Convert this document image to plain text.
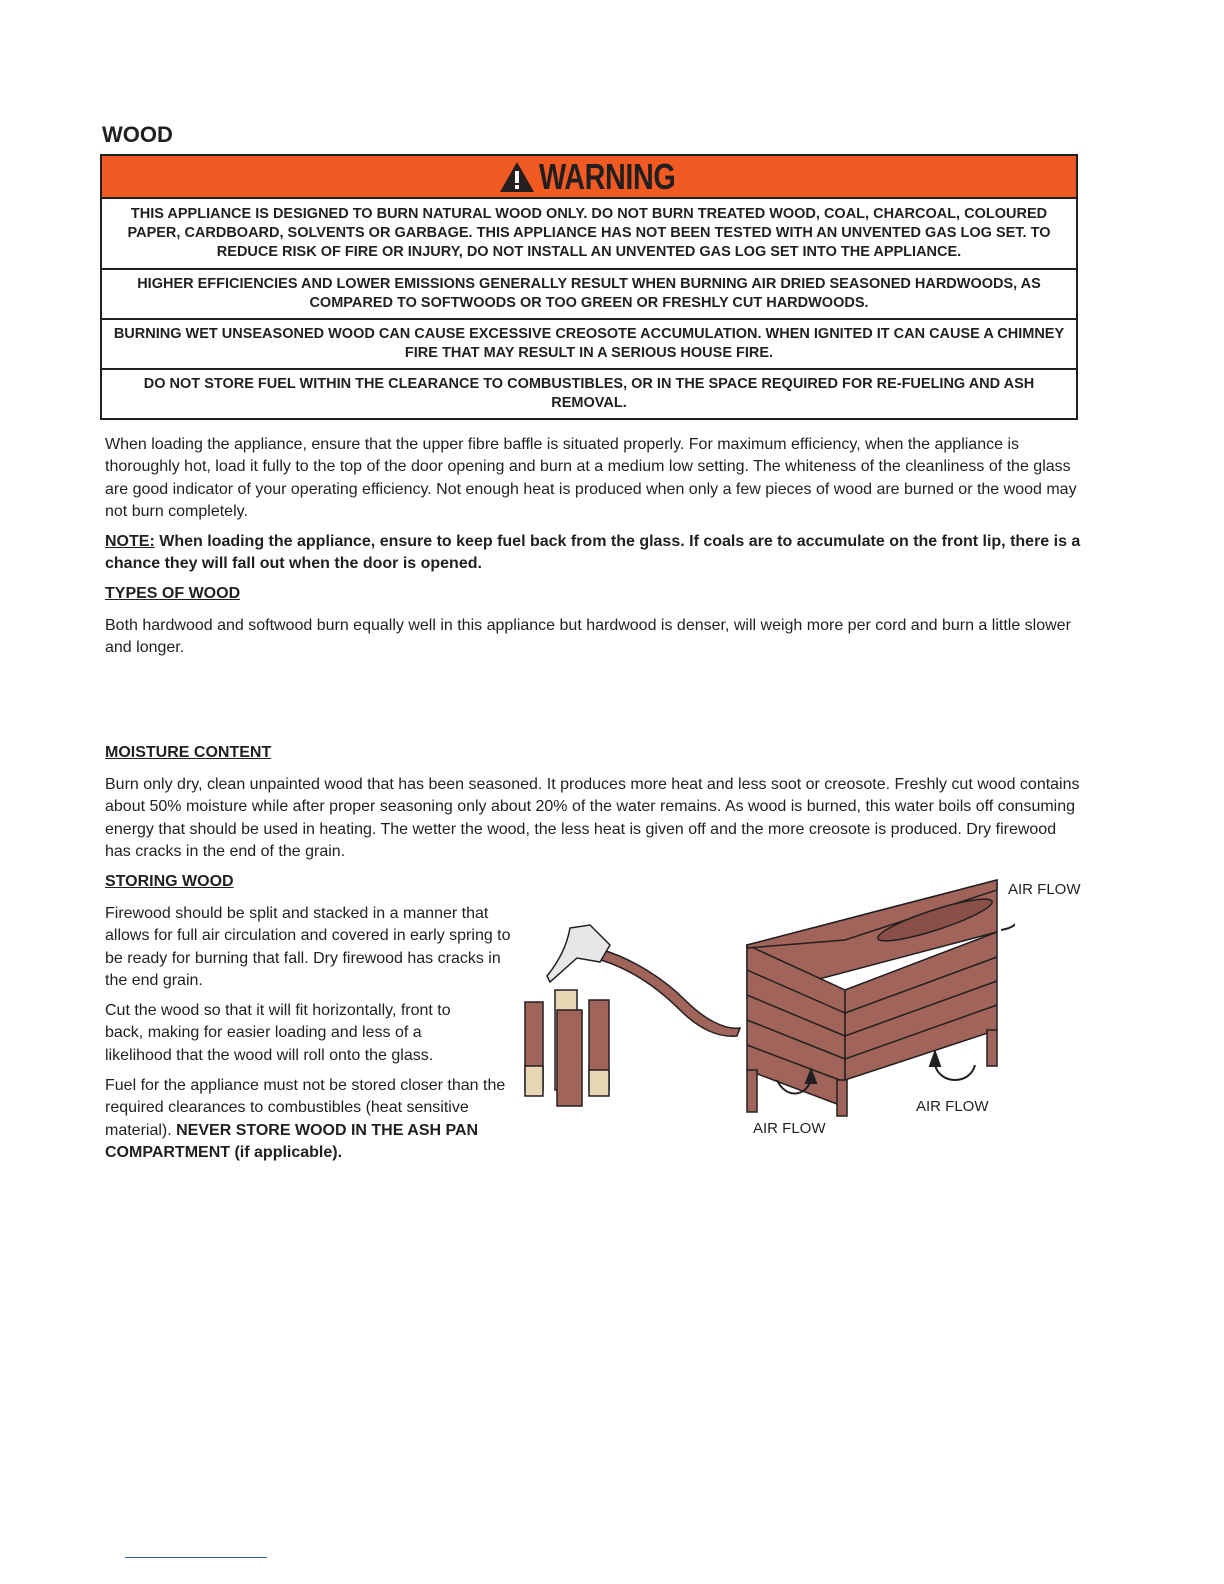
WOOD
WARNING
THIS APPLIANCE IS DESIGNED TO BURN NATURAL WOOD ONLY. DO NOT BURN TREATED WOOD, COAL, CHARCOAL, COLOURED PAPER, CARDBOARD, SOLVENTS OR GARBAGE. THIS APPLIANCE HAS NOT BEEN TESTED WITH AN UNVENTED GAS LOG SET. TO REDUCE RISK OF FIRE OR INJURY, DO NOT INSTALL AN UNVENTED GAS LOG SET INTO THE APPLIANCE.
HIGHER EFFICIENCIES AND LOWER EMISSIONS GENERALLY RESULT WHEN BURNING AIR DRIED SEASONED HARDWOODS, AS COMPARED TO SOFTWOODS OR TOO GREEN OR FRESHLY CUT HARDWOODS.
BURNING WET UNSEASONED WOOD CAN CAUSE EXCESSIVE CREOSOTE ACCUMULATION. WHEN IGNITED IT CAN CAUSE A CHIMNEY FIRE THAT MAY RESULT IN A SERIOUS HOUSE FIRE.
DO NOT STORE FUEL WITHIN THE CLEARANCE TO COMBUSTIBLES, OR IN THE SPACE REQUIRED FOR RE-FUELING AND ASH REMOVAL.

When loading the appliance, ensure that the upper fibre baffle is situated properly. For maximum efficiency, when the appliance is thoroughly hot, load it fully to the top of the door opening and burn at a medium low setting. The whiteness of the cleanliness of the glass are good indicator of your operating efficiency. Not enough heat is produced when only a few pieces of wood are burned or the wood may not burn completely.

NOTE: When loading the appliance, ensure to keep fuel back from the glass. If coals are to accumulate on the front lip, there is a chance they will fall out when the door is opened.

TYPES OF WOOD

Both hardwood and softwood burn equally well in this appliance but hardwood is denser, will weigh more per cord and burn a little slower and longer.

MOISTURE CONTENT

Burn only dry, clean unpainted wood that has been seasoned. It produces more heat and less soot or creosote. Freshly cut wood contains about 50% moisture while after proper seasoning only about 20% of the water remains. As wood is burned, this water boils off consuming energy that should be used in heating. The wetter the wood, the less heat is given off and the more creosote is produced. Dry firewood has cracks in the end of the grain.

STORING WOOD

Firewood should be split and stacked in a manner that allows for full air circulation and covered in early spring to be ready for burning that fall. Dry firewood has cracks in the end grain.

Cut the wood so that it will fit horizontally, front to back, making for easier loading and less of a likelihood that the wood will roll onto the glass.

Fuel for the appliance must not be stored closer than the required clearances to combustibles (heat sensitive material). NEVER STORE WOOD IN THE ASH PAN COMPARTMENT (if applicable).

AIR FLOW
AIR FLOW
AIR FLOW
